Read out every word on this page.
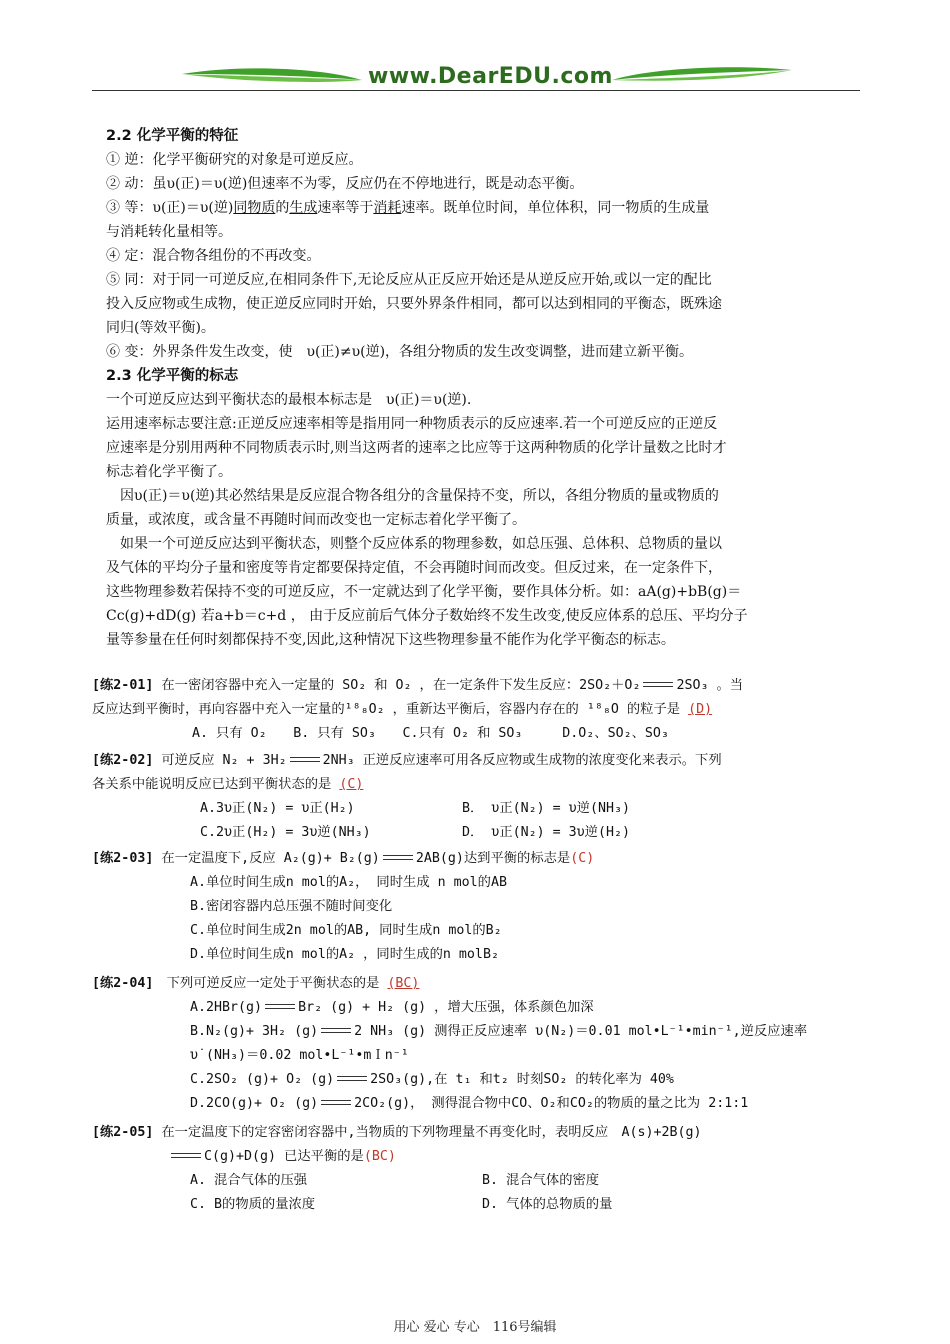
www.DearEDU.com
2.2 化学平衡的特征
① 逆：化学平衡研究的对象是可逆反应。
② 动：虽υ(正)＝υ(逆)但速率不为零，反应仍在不停地进行，既是动态平衡。
③ 等：υ(正)＝υ(逆)同物质的生成速率等于消耗速率。既单位时间，单位体积，同一物质的生成量
与消耗转化量相等。
④ 定：混合物各组份的不再改变。
⑤ 同：对于同一可逆反应,在相同条件下,无论反应从正反应开始还是从逆反应开始,或以一定的配比
投入反应物或生成物，使正逆反应同时开始，只要外界条件相同，都可以达到相同的平衡态，既殊途
同归(等效平衡)。
⑥ 变：外界条件发生改变，使　υ(正)≠υ(逆)，各组分物质的发生改变调整，进而建立新平衡。
2.3 化学平衡的标志
一个可逆反应达到平衡状态的最根本标志是　υ(正)＝υ(逆).
运用速率标志要注意:正逆反应速率相等是指用同一种物质表示的反应速率.若一个可逆反应的正逆反
应速率是分别用两种不同物质表示时,则当这两者的速率之比应等于这两种物质的化学计量数之比时才
标志着化学平衡了。
　因υ(正)＝υ(逆)其必然结果是反应混合物各组分的含量保持不变，所以，各组分物质的量或物质的
质量，或浓度，或含量不再随时间而改变也一定标志着化学平衡了。
　如果一个可逆反应达到平衡状态，则整个反应体系的物理参数，如总压强、总体积、总物质的量以
及气体的平均分子量和密度等肯定都要保持定值，不会再随时间而改变。但反过来，在一定条件下，
这些物理参数若保持不变的可逆反应，不一定就达到了化学平衡，要作具体分析。如：aA(g)+bB(g)＝
Cc(g)+dD(g) 若a+b＝c+d ， 由于反应前后气体分子数始终不发生改变,使反应体系的总压、平均分子
量等参量在任何时刻都保持不变,因此,这种情况下这些物理参量不能作为化学平衡态的标志。
[练2-01] 在一密闭容器中充入一定量的 SO₂ 和 O₂ ，在一定条件下发生反应：2SO₂＋O₂	2SO₃ 。当
反应达到平衡时，再向容器中充入一定量的¹⁸₈O₂ ，重新达平衡后，容器内存在的 ¹⁸₈O 的粒子是 (D)
A. 只有 O₂　　B. 只有 SO₃　　C.只有 O₂ 和 SO₃　　　D.O₂、SO₂、SO₃
[练2-02] 可逆反应 N₂ + 3H₂	2NH₃ 正逆反应速率可用各反应物或生成物的浓度变化来表示。下列
各关系中能说明反应已达到平衡状态的是 (C)
A.3υ正(N₂) = υ正(H₂)	B． υ正(N₂) = υ逆(NH₃)
C.2υ正(H₂) = 3υ逆(NH₃)	D． υ正(N₂) = 3υ逆(H₂)
[练2-03] 在一定温度下,反应 A₂(g)+ B₂(g)	2AB(g)达到平衡的标志是(C)
A.单位时间生成n mol的A₂， 同时生成 n mol的AB
B.密闭容器内总压强不随时间变化
C.单位时间生成2n mol的AB, 同时生成n mol的B₂
D.单位时间生成n mol的A₂ ，同时生成的n molB₂
[练2-04]　下列可逆反应一定处于平衡状态的是 (BC)
A.2HBr(g)	Br₂ (g) + H₂ (g) ，增大压强，体系颜色加深
B.N₂(g)+ 3H₂ (g)	2 NH₃ (g) 测得正反应速率 υ(N₂)＝0.01 mol•L⁻¹•min⁻¹,逆反应速率
υ˙(NH₃)＝0.02 mol•L⁻¹•mＩn⁻¹
C.2SO₂ (g)+ O₂ (g)	2SO₃(g),在 t₁ 和t₂ 时刻SO₂ 的转化率为 40%
D.2CO(g)+ O₂ (g)	2CO₂(g)， 测得混合物中CO、O₂和CO₂的物质的量之比为 2:1:1
[练2-05] 在一定温度下的定容密闭容器中,当物质的下列物理量不再变化时，表明反应　A(s)+2B(g)
C(g)+D(g) 已达平衡的是(BC)
A. 混合气体的压强	B. 混合气体的密度
C. B的物质的量浓度	D. 气体的总物质的量
用心 爱心 专心　116号编辑
